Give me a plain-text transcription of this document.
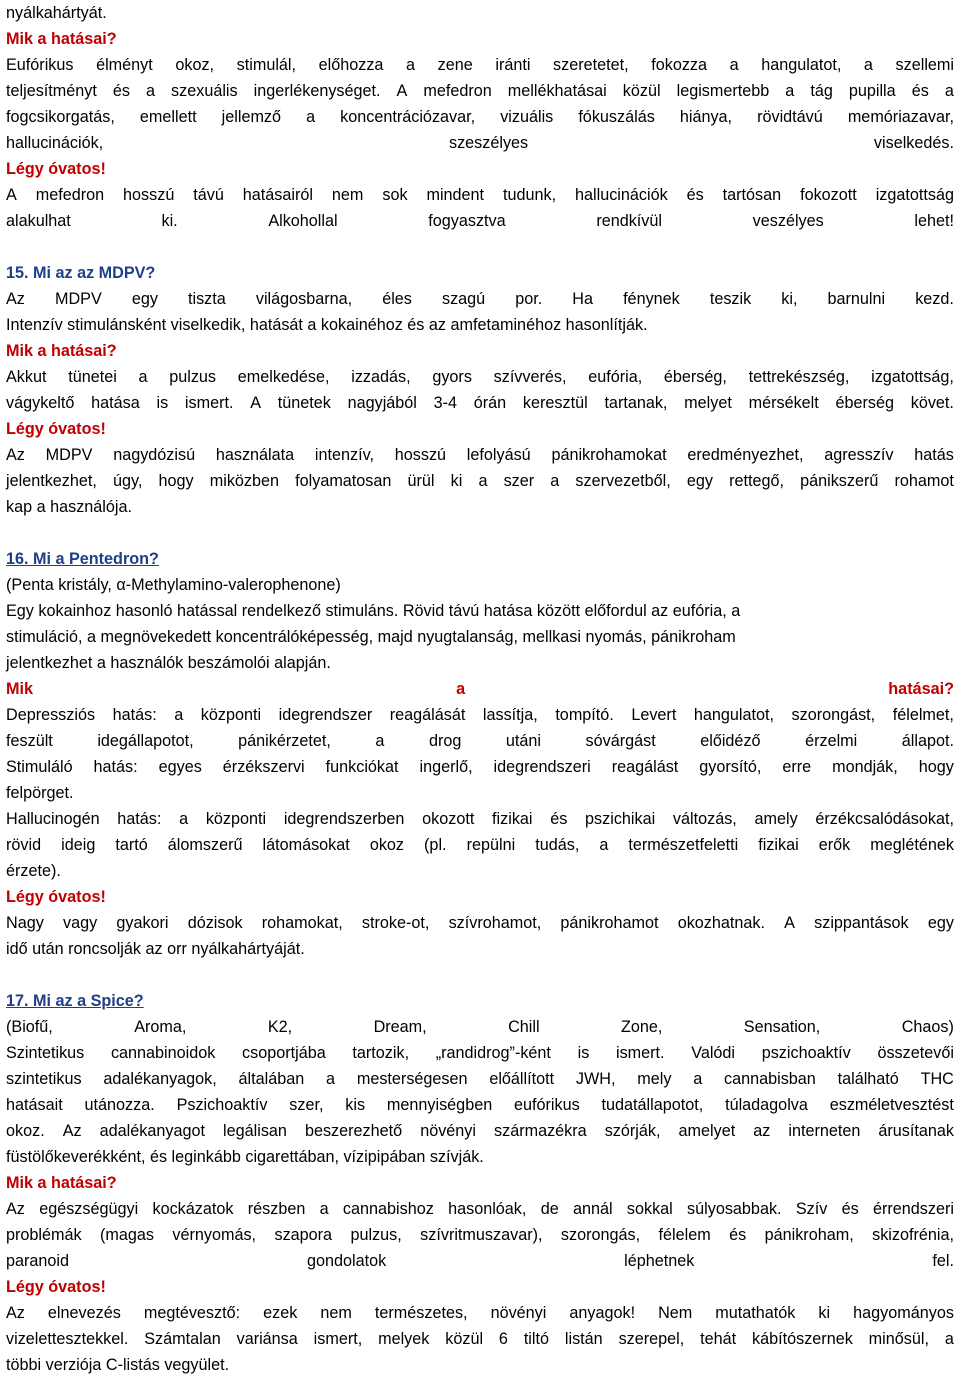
nyálkahártyát.
Mik a hatásai?
Eufórikus élményt okoz, stimulál, előhozza a zene iránti szeretetet, fokozza a hangulatot, a szellemi
teljesítményt és a szexuális ingerlékenységet. A mefedron mellékhatásai közül legismertebb a tág pupilla és a
fogcsikorgatás, emellett jellemző a koncentrációzavar, vizuális fókuszálás hiánya, rövidtávú memóriazavar,
hallucinációk,	szeszélyes	viselkedés.
Légy óvatos!
A mefedron hosszú távú hatásairól nem sok mindent tudunk, hallucinációk és tartósan fokozott izgatottság
alakulhat	ki.	Alkohollal	fogyasztva	rendkívül	veszélyes	lehet!
15. Mi az az MDPV?
Az MDPV egy tiszta világosbarna, éles szagú por. Ha fénynek teszik ki, barnulni kezd.
Intenzív stimulánsként viselkedik, hatását a kokainéhoz és az amfetaminéhoz hasonlítják.
Mik a hatásai?
Akkut tünetei a pulzus emelkedése, izzadás, gyors szívverés, eufória, éberség, tettrekészség, izgatottság,
vágykeltő hatása is ismert. A tünetek nagyjából 3-4 órán keresztül tartanak, melyet mérsékelt éberség követ.
Légy óvatos!
Az MDPV nagydózisú használata intenzív, hosszú lefolyású pánikrohamokat eredményezhet, agresszív hatás
jelentkezhet, úgy, hogy miközben folyamatosan ürül ki a szer a szervezetből, egy rettegő, pánikszerű rohamot
kap a használója.
16. Mi a Pentedron?
(Penta kristály, α-Methylamino-valerophenone)
Egy kokainhoz hasonló hatással rendelkező stimuláns. Rövid távú hatása között előfordul az eufória, a
stimuláció, a megnövekedett koncentrálóképesség, majd nyugtalanság, mellkasi nyomás, pánikroham
jelentkezhet a használók beszámolói alapján.
Mik	a	hatásai?
Depressziós hatás: a központi idegrendszer reagálását lassítja, tompító. Levert hangulatot, szorongást, félelmet,
feszült	idegállapotot,	pánikérzetet,	a	drog	utáni	sóvárgást	előidéző	érzelmi	állapot.
Stimuláló hatás: egyes érzékszervi funkciókat ingerlő, idegrendszeri reagálást gyorsító, erre mondják, hogy
felpörget.
Hallucinogén hatás: a központi idegrendszerben okozott fizikai és pszichikai változás, amely érzékcsalódásokat,
rövid ideig tartó álomszerű látomásokat okoz (pl. repülni tudás, a természetfeletti fizikai erők meglétének
érzete).
Légy óvatos!
Nagy vagy gyakori dózisok rohamokat, stroke-ot, szívrohamot, pánikrohamot okozhatnak. A szippantások egy
idő után roncsolják az orr nyálkahártyáját.
17. Mi az a Spice?
(Biofű,	Aroma,	K2,	Dream,	Chill	Zone,	Sensation,	Chaos)
Szintetikus cannabinoidok csoportjába tartozik, „randidrog”-ként is ismert. Valódi pszichoaktív összetevői
szintetikus adalékanyagok, általában a mesterségesen előállított JWH, mely a cannabisban található THC
hatásait utánozza. Pszichoaktív szer, kis mennyiségben eufórikus tudatállapotot, túladagolva eszméletvesztést
okoz. Az adalékanyagot legálisan beszerezhető növényi származékra szórják, amelyet az interneten árusítanak
füstölőkeverékként, és leginkább cigarettában, vízipipában szívják.
Mik a hatásai?
Az egészségügyi kockázatok részben a cannabishoz hasonlóak, de annál sokkal súlyosabbak. Szív és érrendszeri
problémák (magas vérnyomás, szapora pulzus, szívritmuszavar), szorongás, félelem és pánikroham, skizofrénia,
paranoid	gondolatok	léphetnek	fel.
Légy óvatos!
Az elnevezés megtévesztő: ezek nem természetes, növényi anyagok! Nem mutathatók ki hagyományos
vizelettesztekkel. Számtalan variánsa ismert, melyek közül 6 tiltó listán szerepel, tehát kábítószernek minősül, a
többi verziója C-listás vegyület.
